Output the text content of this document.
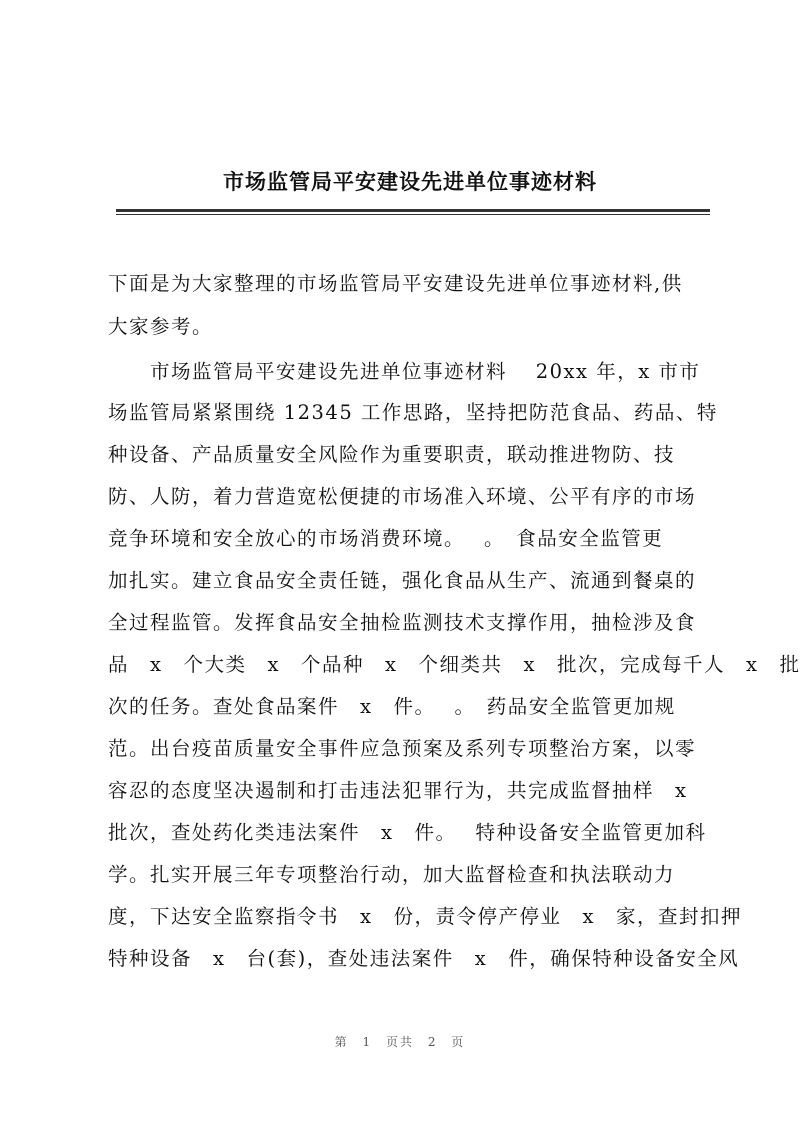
市场监管局平安建设先进单位事迹材料
下面是为大家整理的市场监管局平安建设先进单位事迹材料,供
大家参考。
市场监管局平安建设先进单位事迹材料　 20xx 年，x 市市
场监管局紧紧围绕 12345 工作思路，坚持把防范食品、药品、特
种设备、产品质量安全风险作为重要职责，联动推进物防、技
防、人防，着力营造宽松便捷的市场准入环境、公平有序的市场
竞争环境和安全放心的市场消费环境。　 。　食品安全监管更
加扎实。建立食品安全责任链，强化食品从生产、流通到餐桌的
全过程监管。发挥食品安全抽检监测技术支撑作用，抽检涉及食
品　x　个大类　x　个品种　x　个细类共　x　批次，完成每千人　x　批
次的任务。查处食品案件　x　件。　 。　药品安全监管更加规
范。出台疫苗质量安全事件应急预案及系列专项整治方案，以零
容忍的态度坚决遏制和打击违法犯罪行为，共完成监督抽样　x
批次，查处药化类违法案件　x　件。　 特种设备安全监管更加科
学。扎实开展三年专项整治行动，加大监督检查和执法联动力
度，下达安全监察指令书　x　份，责令停产停业　x　家，查封扣押
特种设备　x　台(套)，查处违法案件　x　件，确保特种设备安全风
第 1 页共 2 页
